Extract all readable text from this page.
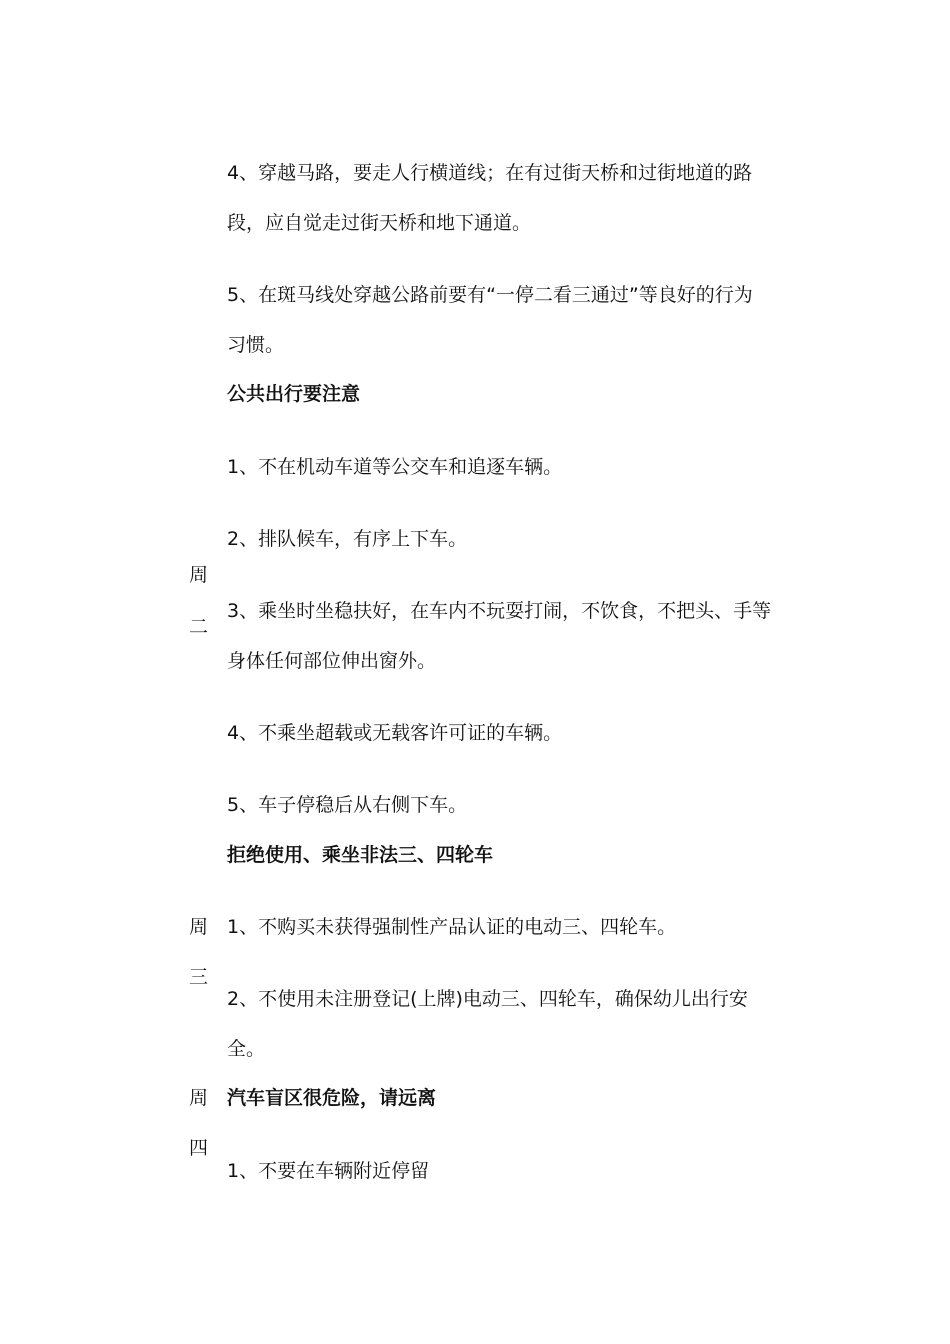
4、穿越马路，要走人行横道线；在有过街天桥和过街地道的路
段，应自觉走过街天桥和地下通道。
5、在斑马线处穿越公路前要有“一停二看三通过”等良好的行为
习惯。
公共出行要注意
1、不在机动车道等公交车和追逐车辆。
2、排队候车，有序上下车。
周
二
3、乘坐时坐稳扶好，在车内不玩耍打闹，不饮食，不把头、手等
身体任何部位伸出窗外。
4、不乘坐超载或无载客许可证的车辆。
5、车子停稳后从右侧下车。
拒绝使用、乘坐非法三、四轮车
周 1、不购买未获得强制性产品认证的电动三、四轮车。
三
2、不使用未注册登记(上牌)电动三、四轮车，确保幼儿出行安
全。
周 汽车盲区很危险，请远离
四
1、不要在车辆附近停留
